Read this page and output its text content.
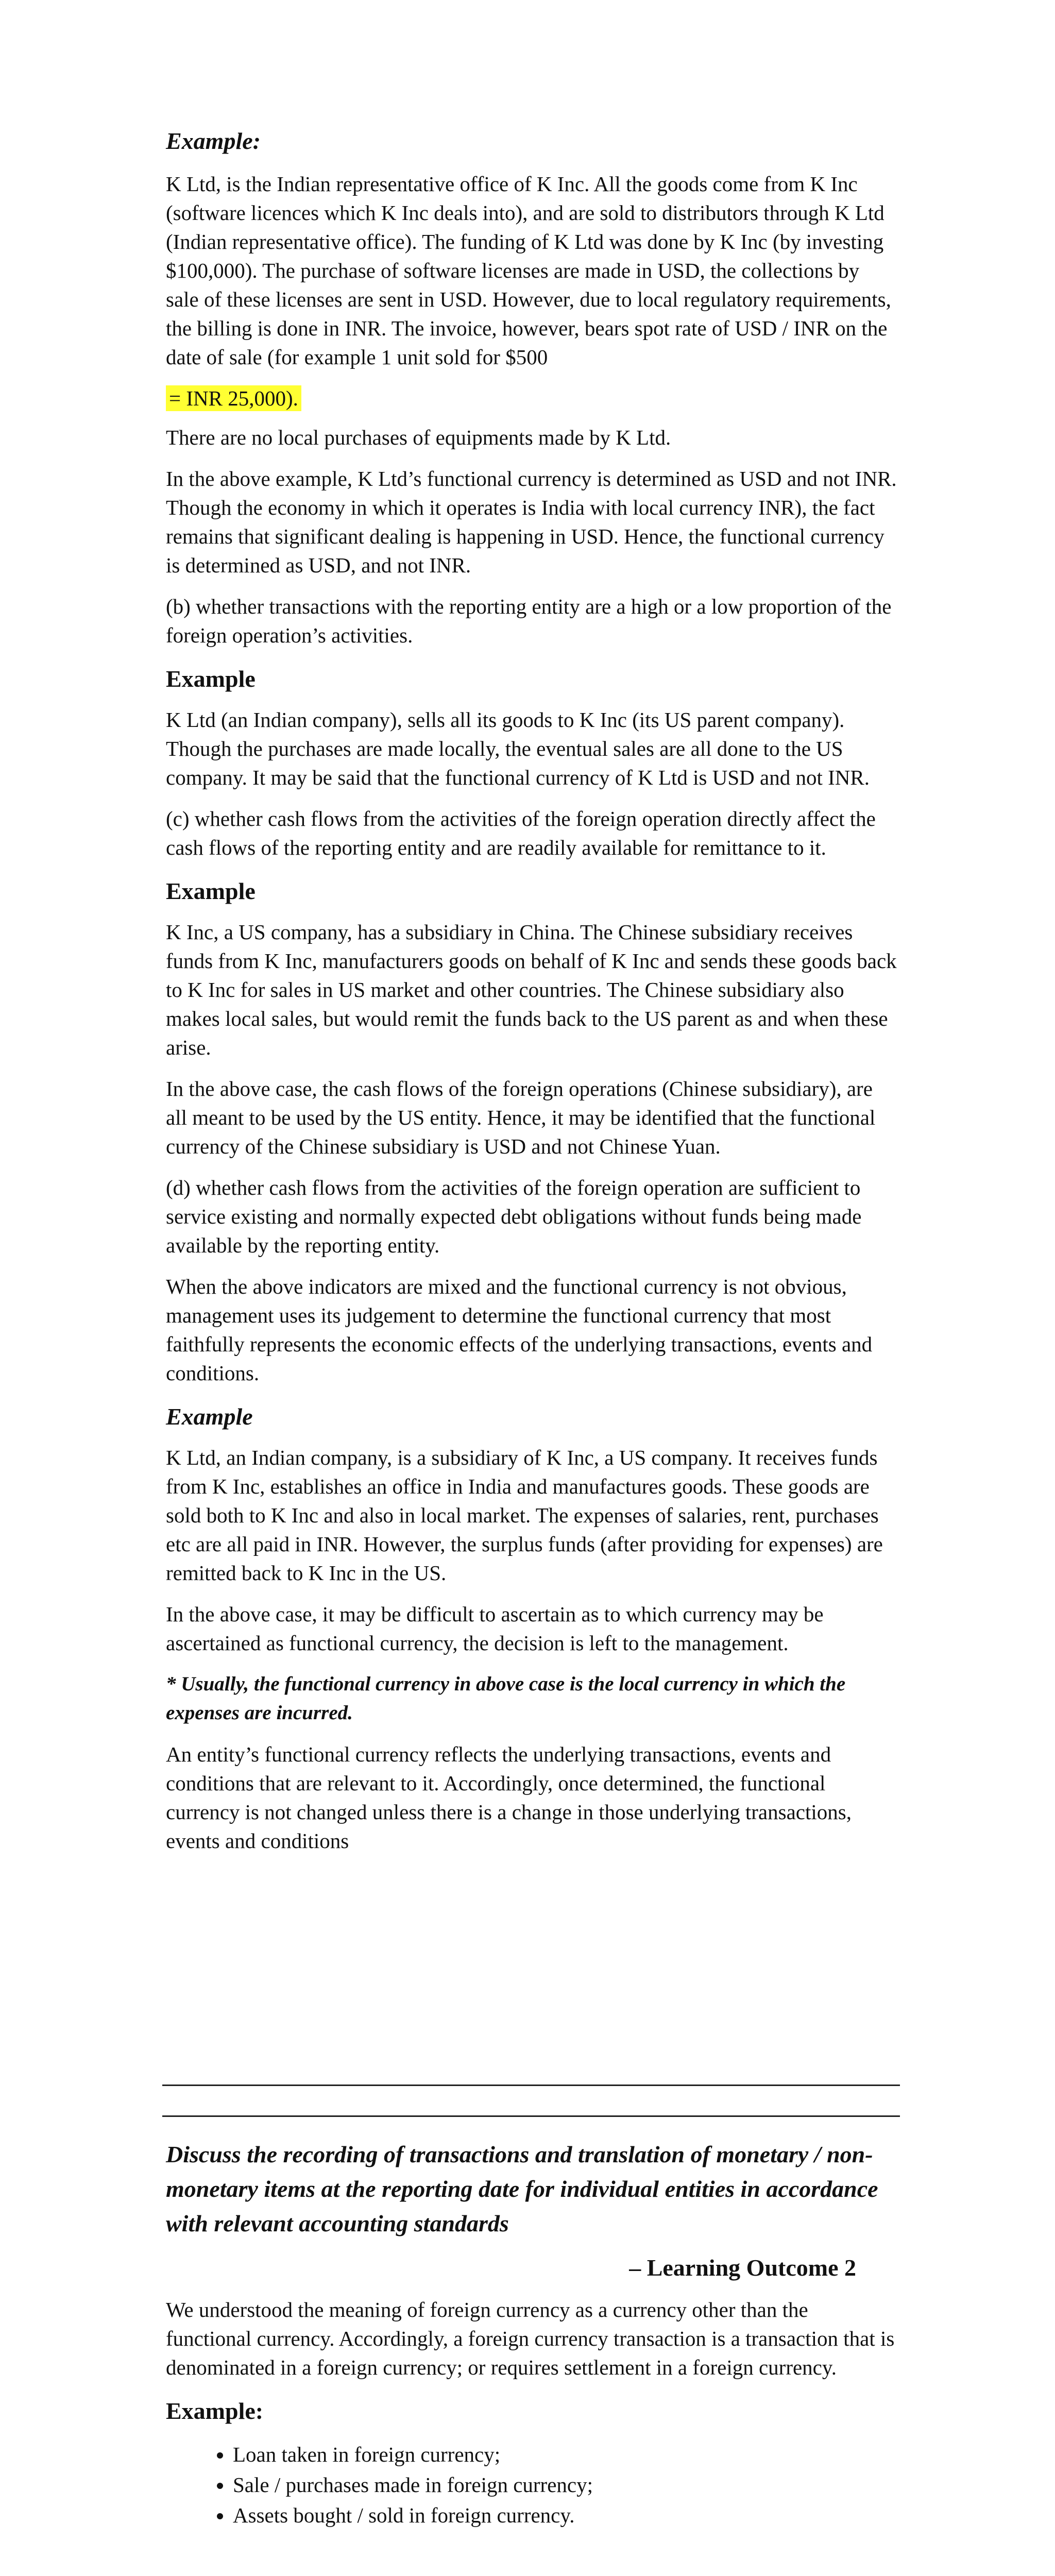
Example:

K Ltd, is the Indian representative office of K Inc. All the goods come from K Inc (software licences which K Inc deals into), and are sold to distributors through K Ltd (Indian representative office). The funding of K Ltd was done by K Inc (by investing $100,000). The purchase of software licenses are made in USD, the collections by sale of these licenses are sent in USD. However, due to local regulatory requirements, the billing is done in INR. The invoice, however, bears spot rate of USD / INR on the date of sale (for example 1 unit sold for $500

= INR 25,000).

There are no local purchases of equipments made by K Ltd.

In the above example, K Ltd’s functional currency is determined as USD and not INR. Though the economy in which it operates is India with local currency INR), the fact remains that significant dealing is happening in USD. Hence, the functional currency is determined as USD, and not INR.

(b) whether transactions with the reporting entity are a high or a low proportion of the foreign operation’s activities.

Example

K Ltd (an Indian company), sells all its goods to K Inc (its US parent company). Though the purchases are made locally, the eventual sales are all done to the US company. It may be said that the functional currency of K Ltd is USD and not INR.

(c) whether cash flows from the activities of the foreign operation directly affect the cash flows of the reporting entity and are readily available for remittance to it.

Example

K Inc, a US company, has a subsidiary in China. The Chinese subsidiary receives funds from K Inc, manufacturers goods on behalf of K Inc and sends these goods back to K Inc for sales in US market and other countries. The Chinese subsidiary also makes local sales, but would remit the funds back to the US parent as and when these arise.

In the above case, the cash flows of the foreign operations (Chinese subsidiary), are all meant to be used by the US entity. Hence, it may be identified that the functional currency of the Chinese subsidiary is USD and not Chinese Yuan.

(d) whether cash flows from the activities of the foreign operation are sufficient to service existing and normally expected debt obligations without funds being made available by the reporting entity.

When the above indicators are mixed and the functional currency is not obvious, management uses its judgement to determine the functional currency that most faithfully represents the economic effects of the underlying transactions, events and conditions.

Example

K Ltd, an Indian company, is a subsidiary of K Inc, a US company. It receives funds from K Inc, establishes an office in India and manufactures goods. These goods are sold both to K Inc and also in local market. The expenses of salaries, rent, purchases etc are all paid in INR. However, the surplus funds (after providing for expenses) are remitted back to K Inc in the US.

In the above case, it may be difficult to ascertain as to which currency may be ascertained as functional currency, the decision is left to the management.

* Usually, the functional currency in above case is the local currency in which the expenses are incurred.

An entity’s functional currency reflects the underlying transactions, events and conditions that are relevant to it. Accordingly, once determined, the functional currency is not changed unless there is a change in those underlying transactions, events and conditions

Discuss the recording of transactions and translation of monetary / non-monetary items at the reporting date for individual entities in accordance with relevant accounting standards

– Learning Outcome 2

We understood the meaning of foreign currency as a currency other than the functional currency. Accordingly, a foreign currency transaction is a transaction that is denominated in a foreign currency; or requires settlement in a foreign currency.

Example:

• Loan taken in foreign currency;
• Sale / purchases made in foreign currency;
• Assets bought / sold in foreign currency.
